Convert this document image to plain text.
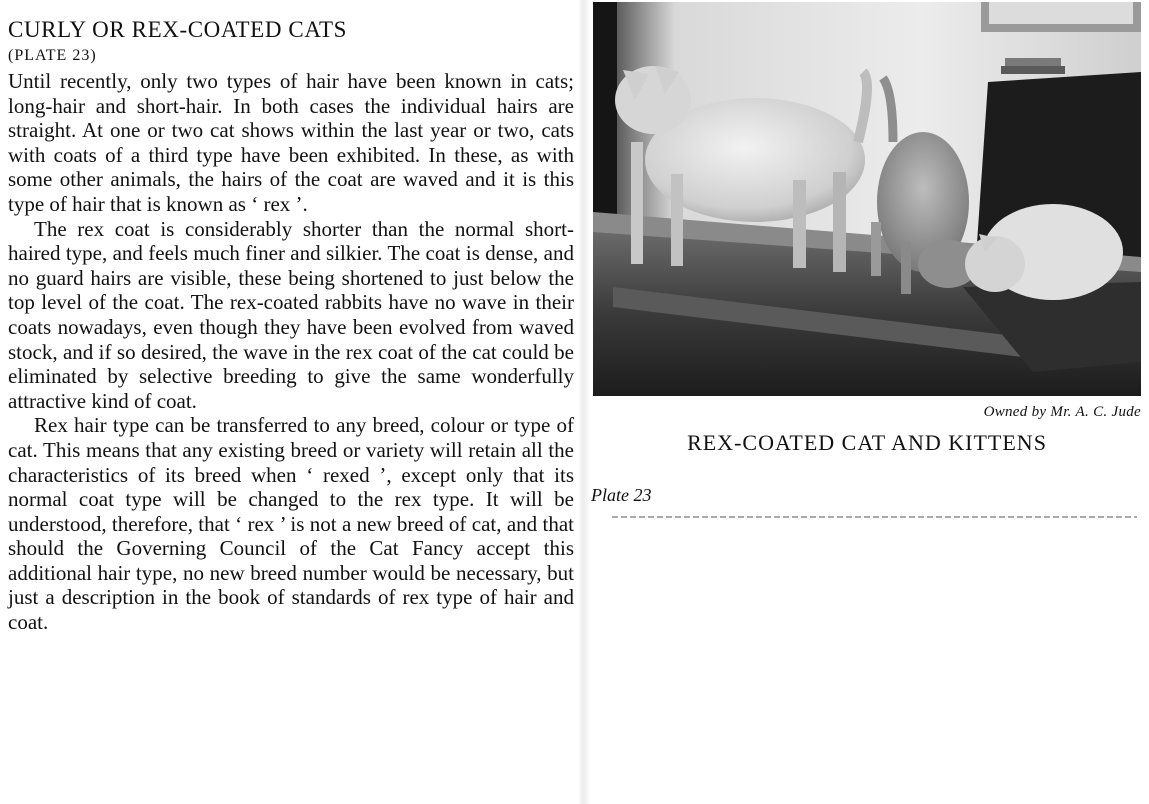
CURLY OR REX-COATED CATS
(PLATE 23)

Until recently, only two types of hair have been known in cats; long-hair and short-hair. In both cases the individual hairs are straight. At one or two cat shows within the last year or two, cats with coats of a third type have been exhibited. In these, as with some other animals, the hairs of the coat are waved and it is this type of hair that is known as ‘ rex ’.

The rex coat is considerably shorter than the normal short-haired type, and feels much finer and silkier. The coat is dense, and no guard hairs are visible, these being shortened to just below the top level of the coat. The rex-coated rabbits have no wave in their coats nowadays, even though they have been evolved from waved stock, and if so desired, the wave in the rex coat of the cat could be eliminated by selective breeding to give the same wonderfully attractive kind of coat.

Rex hair type can be transferred to any breed, colour or type of cat. This means that any existing breed or variety will retain all the characteristics of its breed when ‘ rexed ’, except only that its normal coat type will be changed to the rex type. It will be understood, therefore, that ‘ rex ’ is not a new breed of cat, and that should the Governing Council of the Cat Fancy accept this additional hair type, no new breed number would be necessary, but just a description in the book of standards of rex type of hair and coat.

Owned by Mr. A. C. Jude
REX-COATED CAT AND KITTENS
Plate 23
